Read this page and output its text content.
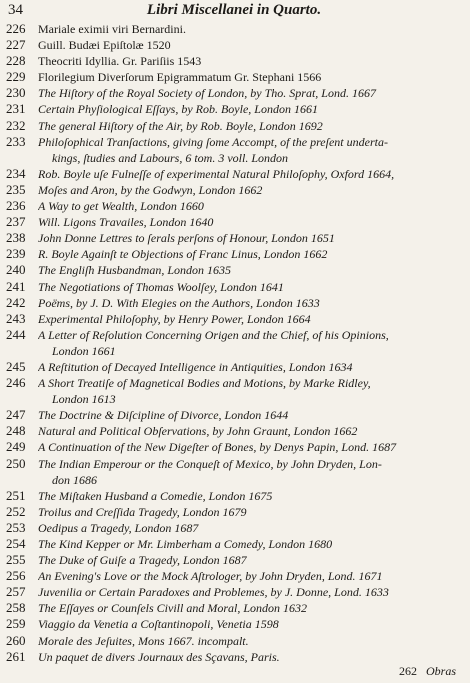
34	Libri Miscellanei in Quarto.
226	Mariale eximii viri Bernardini.
227	Guill. Budæi Epiſtolæ 1520
228	Theocriti Idyllia. Gr. Pariſiis 1543
229	Florilegium Diverſorum Epigrammatum Gr. Stephani 1566
230	The Hiſtory of the Royal Society of London, by Tho. Sprat, Lond. 1667
231	Certain Phyſiological Eſſays, by Rob. Boyle, London 1661
232	The general Hiſtory of the Air, by Rob. Boyle, London 1692
233	Philoſophical Tranſactions, giving ſome Accompt, of the preſent underta-
kings, ſtudies and Labours, 6 tom. 3 voll. London
234	Rob. Boyle uſe Fulneſſe of experimental Natural Philoſophy, Oxford 1664,
235	Moſes and Aron, by the Godwyn, London 1662
236	A Way to get Wealth, London 1660
237	Will. Ligons Travailes, London 1640
238	John Donne Lettres to ſerals perſons of Honour, London 1651
239	R. Boyle Againſt te Objections of Franc Linus, London 1662
240	The Engliſh Husbandman, London 1635
241	The Negotiations of Thomas Woolſey, London 1641
242	Poëms, by J. D. With Elegies on the Authors, London 1633
243	Experimental Philoſophy, by Henry Power, London 1664
244	A Letter of Reſolution Concerning Origen and the Chief, of his Opinions,
London 1661
245	A Reſtitution of Decayed Intelligence in Antiquities, London 1634
246	A Short Treatiſe of Magnetical Bodies and Motions, by Marke Ridley,
London 1613
247	The Doctrine & Diſcipline of Divorce, London 1644
248	Natural and Political Obſervations, by John Graunt, London 1662
249	A Continuation of the New Digeſter of Bones, by Denys Papin, Lond. 1687
250	The Indian Emperour or the Conqueſt of Mexico, by John Dryden, Lon-
don 1686
251	The Miſtaken Husband a Comedie, London 1675
252	Troilus and Creſſida Tragedy, London 1679
253	Oedipus a Tragedy, London 1687
254	The Kind Kepper or Mr. Limberham a Comedy, London 1680
255	The Duke of Guiſe a Tragedy, London 1687
256	An Evening's Love or the Mock Aſtrologer, by John Dryden, Lond. 1671
257	Juvenilia or Certain Paradoxes and Problemes, by J. Donne, Lond. 1633
258	The Eſſayes or Counſels Civill and Moral, London 1632
259	Viaggio da Venetia a Coſtantinopoli, Venetia 1598
260	Morale des Jeſuites, Mons 1667. incompalt.
261	Un paquet de divers Journaux des Sçavans, Paris.
262 Obras
